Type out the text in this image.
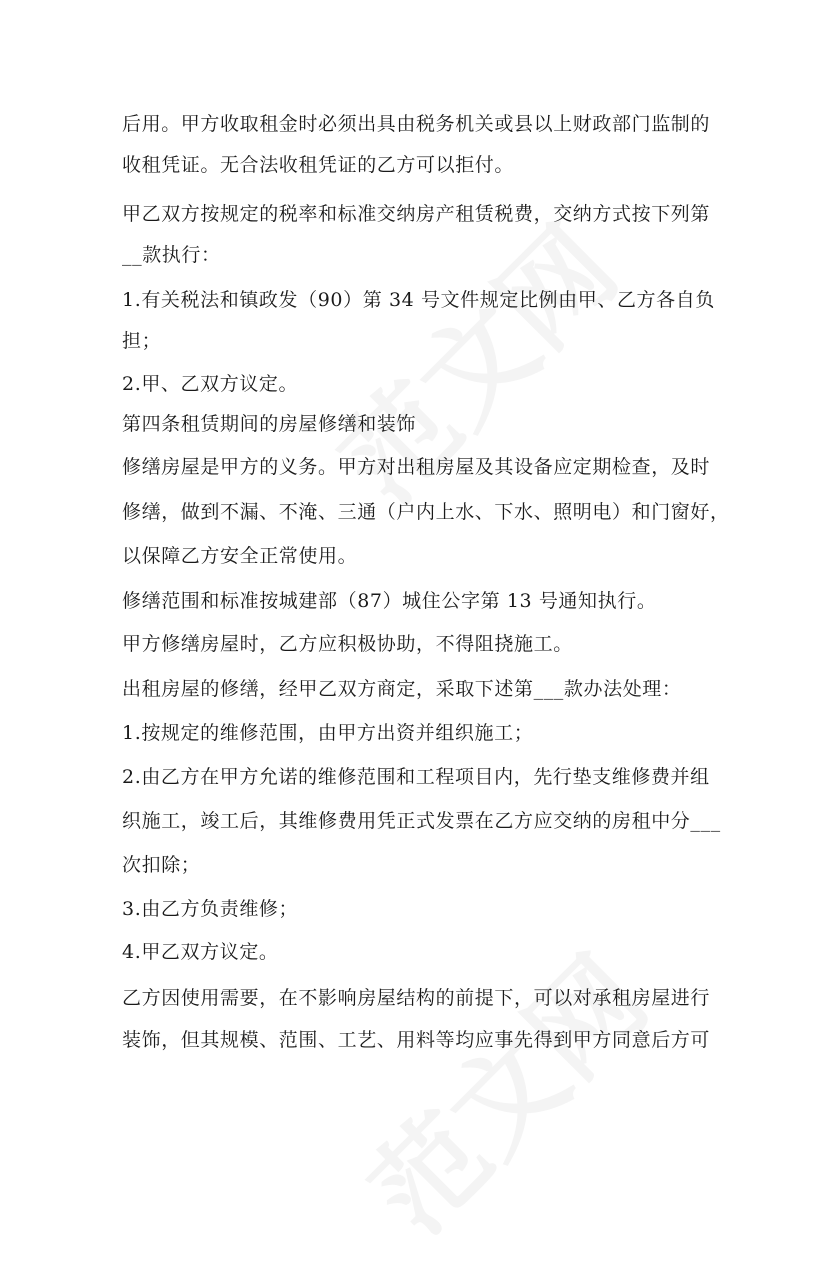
后用。甲方收取租金时必须出具由税务机关或县以上财政部门监制的
收租凭证。无合法收租凭证的乙方可以拒付。
甲乙双方按规定的税率和标准交纳房产租赁税费，交纳方式按下列第
__款执行：
1.有关税法和镇政发（90）第 34 号文件规定比例由甲、乙方各自负
担；
2.甲、乙双方议定。
第四条租赁期间的房屋修缮和装饰
修缮房屋是甲方的义务。甲方对出租房屋及其设备应定期检查，及时
修缮，做到不漏、不淹、三通（户内上水、下水、照明电）和门窗好，
以保障乙方安全正常使用。
修缮范围和标准按城建部（87）城住公字第 13 号通知执行。
甲方修缮房屋时，乙方应积极协助，不得阻挠施工。
出租房屋的修缮，经甲乙双方商定，采取下述第___款办法处理：
1.按规定的维修范围，由甲方出资并组织施工；
2.由乙方在甲方允诺的维修范围和工程项目内，先行垫支维修费并组
织施工，竣工后，其维修费用凭正式发票在乙方应交纳的房租中分___
次扣除；
3.由乙方负责维修；
4.甲乙双方议定。
乙方因使用需要，在不影响房屋结构的前提下，可以对承租房屋进行
装饰，但其规模、范围、工艺、用料等均应事先得到甲方同意后方可
